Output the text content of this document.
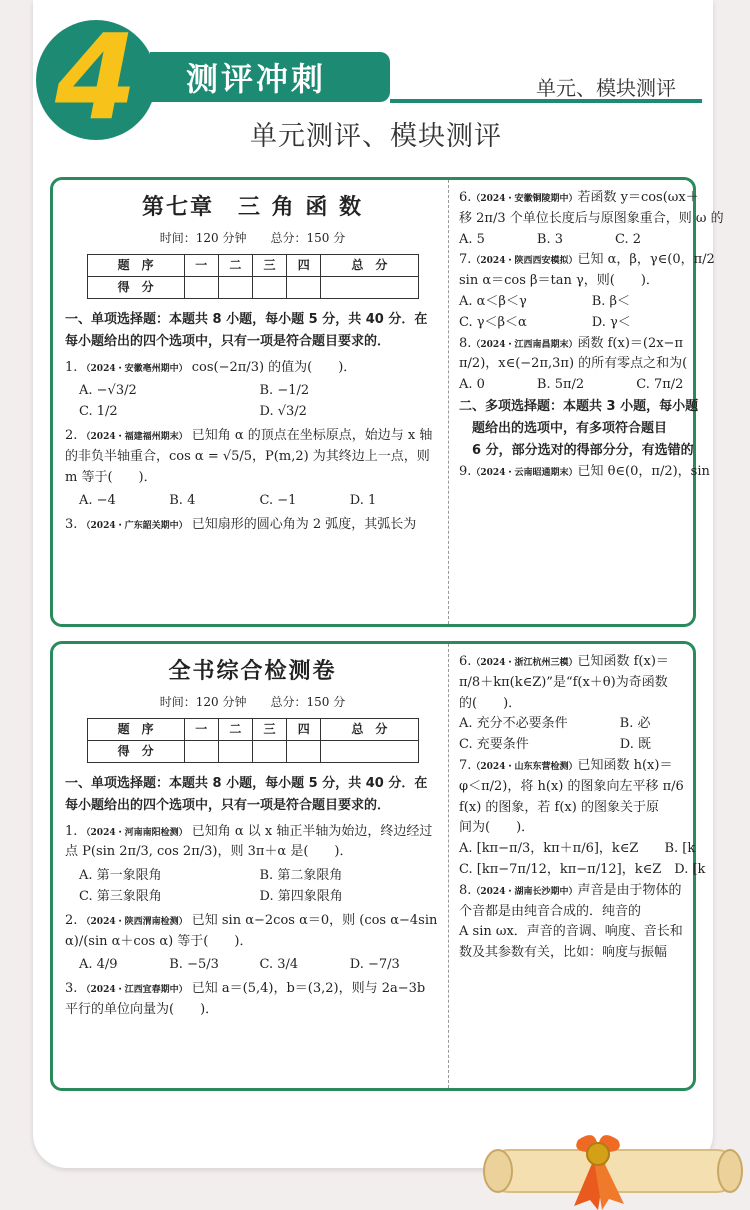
4	测评冲刺	单元、模块测评
单元测评、模块测评
第七章　三 角 函 数
时间：120 分钟　　总分：150 分
题　序	一	二	三	四	总　分
得　分					
一、单项选择题：本题共 8 小题，每小题 5 分，共 40 分．在每小题给出的四个选项中，只有一项是符合题目要求的．
1. （2024・安徽亳州期中） cos(−2π/3) 的值为(　　)．
A. −√3/2	B. −1/2
C. 1/2	D. √3/2
2. （2024・福建福州期末） 已知角 α 的顶点在坐标原点，始边与 x 轴的非负半轴重合，cos α = √5/5，P(m,2) 为其终边上一点，则 m 等于(　　)．
A. −4	B. 4	C. −1	D. 1
3. （2024・广东韶关期中） 已知扇形的圆心角为 2 弧度，其弧长为
6.（2024・安徽铜陵期中）若函数 y＝cos(ωx＋
移 2π/3 个单位长度后与原图象重合，则 ω 的
A. 5　　　　B. 3　　　　C. 2
7.（2024・陕西西安模拟）已知 α，β，γ∈(0，π/2
sin α＝cos β＝tan γ，则(　　)．
A. α＜β＜γ　　　　　B. β＜
C. γ＜β＜α　　　　　D. γ＜
8.（2024・江西南昌期末）函数 f(x)＝(2x−π
π/2)，x∈(−2π,3π) 的所有零点之和为(
A. 0　　　　B. 5π/2　　　　C. 7π/2
二、多项选择题：本题共 3 小题，每小题
　题给出的选项中，有多项符合题目
　6 分，部分选对的得部分分，有选错的
9.（2024・云南昭通期末）已知 θ∈(0，π/2)，sin
全书综合检测卷
时间：120 分钟　　总分：150 分
题　序	一	二	三	四	总　分
得　分					
一、单项选择题：本题共 8 小题，每小题 5 分，共 40 分．在每小题给出的四个选项中，只有一项是符合题目要求的．
1. （2024・河南南阳检测） 已知角 α 以 x 轴正半轴为始边，终边经过点 P(sin 2π/3, cos 2π/3)，则 3π＋α 是(　　)．
A. 第一象限角	B. 第二象限角
C. 第三象限角	D. 第四象限角
2. （2024・陕西渭南检测） 已知 sin α−2cos α＝0，则 (cos α−4sin α)/(sin α＋cos α) 等于(　　)．
A. 4/9	B. −5/3	C. 3/4	D. −7/3
3. （2024・江西宜春期中） 已知 a＝(5,4)，b＝(3,2)，则与 2a−3b 平行的单位向量为(　　)．
6.（2024・浙江杭州三模）已知函数 f(x)＝
π/8＋kπ(k∈Z)”是“f(x＋θ)为奇函数
的(　　)．
A. 充分不必要条件　　　　B. 必
C. 充要条件　　　　　　　D. 既
7.（2024・山东东营检测）已知函数 h(x)＝
φ＜π/2)，将 h(x) 的图象向左平移 π/6
f(x) 的图象，若 f(x) 的图象关于原
间为(　　)．
A. [kπ−π/3，kπ＋π/6]，k∈Z　　B. [k
C. [kπ−7π/12，kπ−π/12]，k∈Z　D. [k
8.（2024・湖南长沙期中）声音是由于物体的
个音都是由纯音合成的．纯音的
A sin ωx．声音的音调、响度、音长和
数及其参数有关，比如：响度与振幅
